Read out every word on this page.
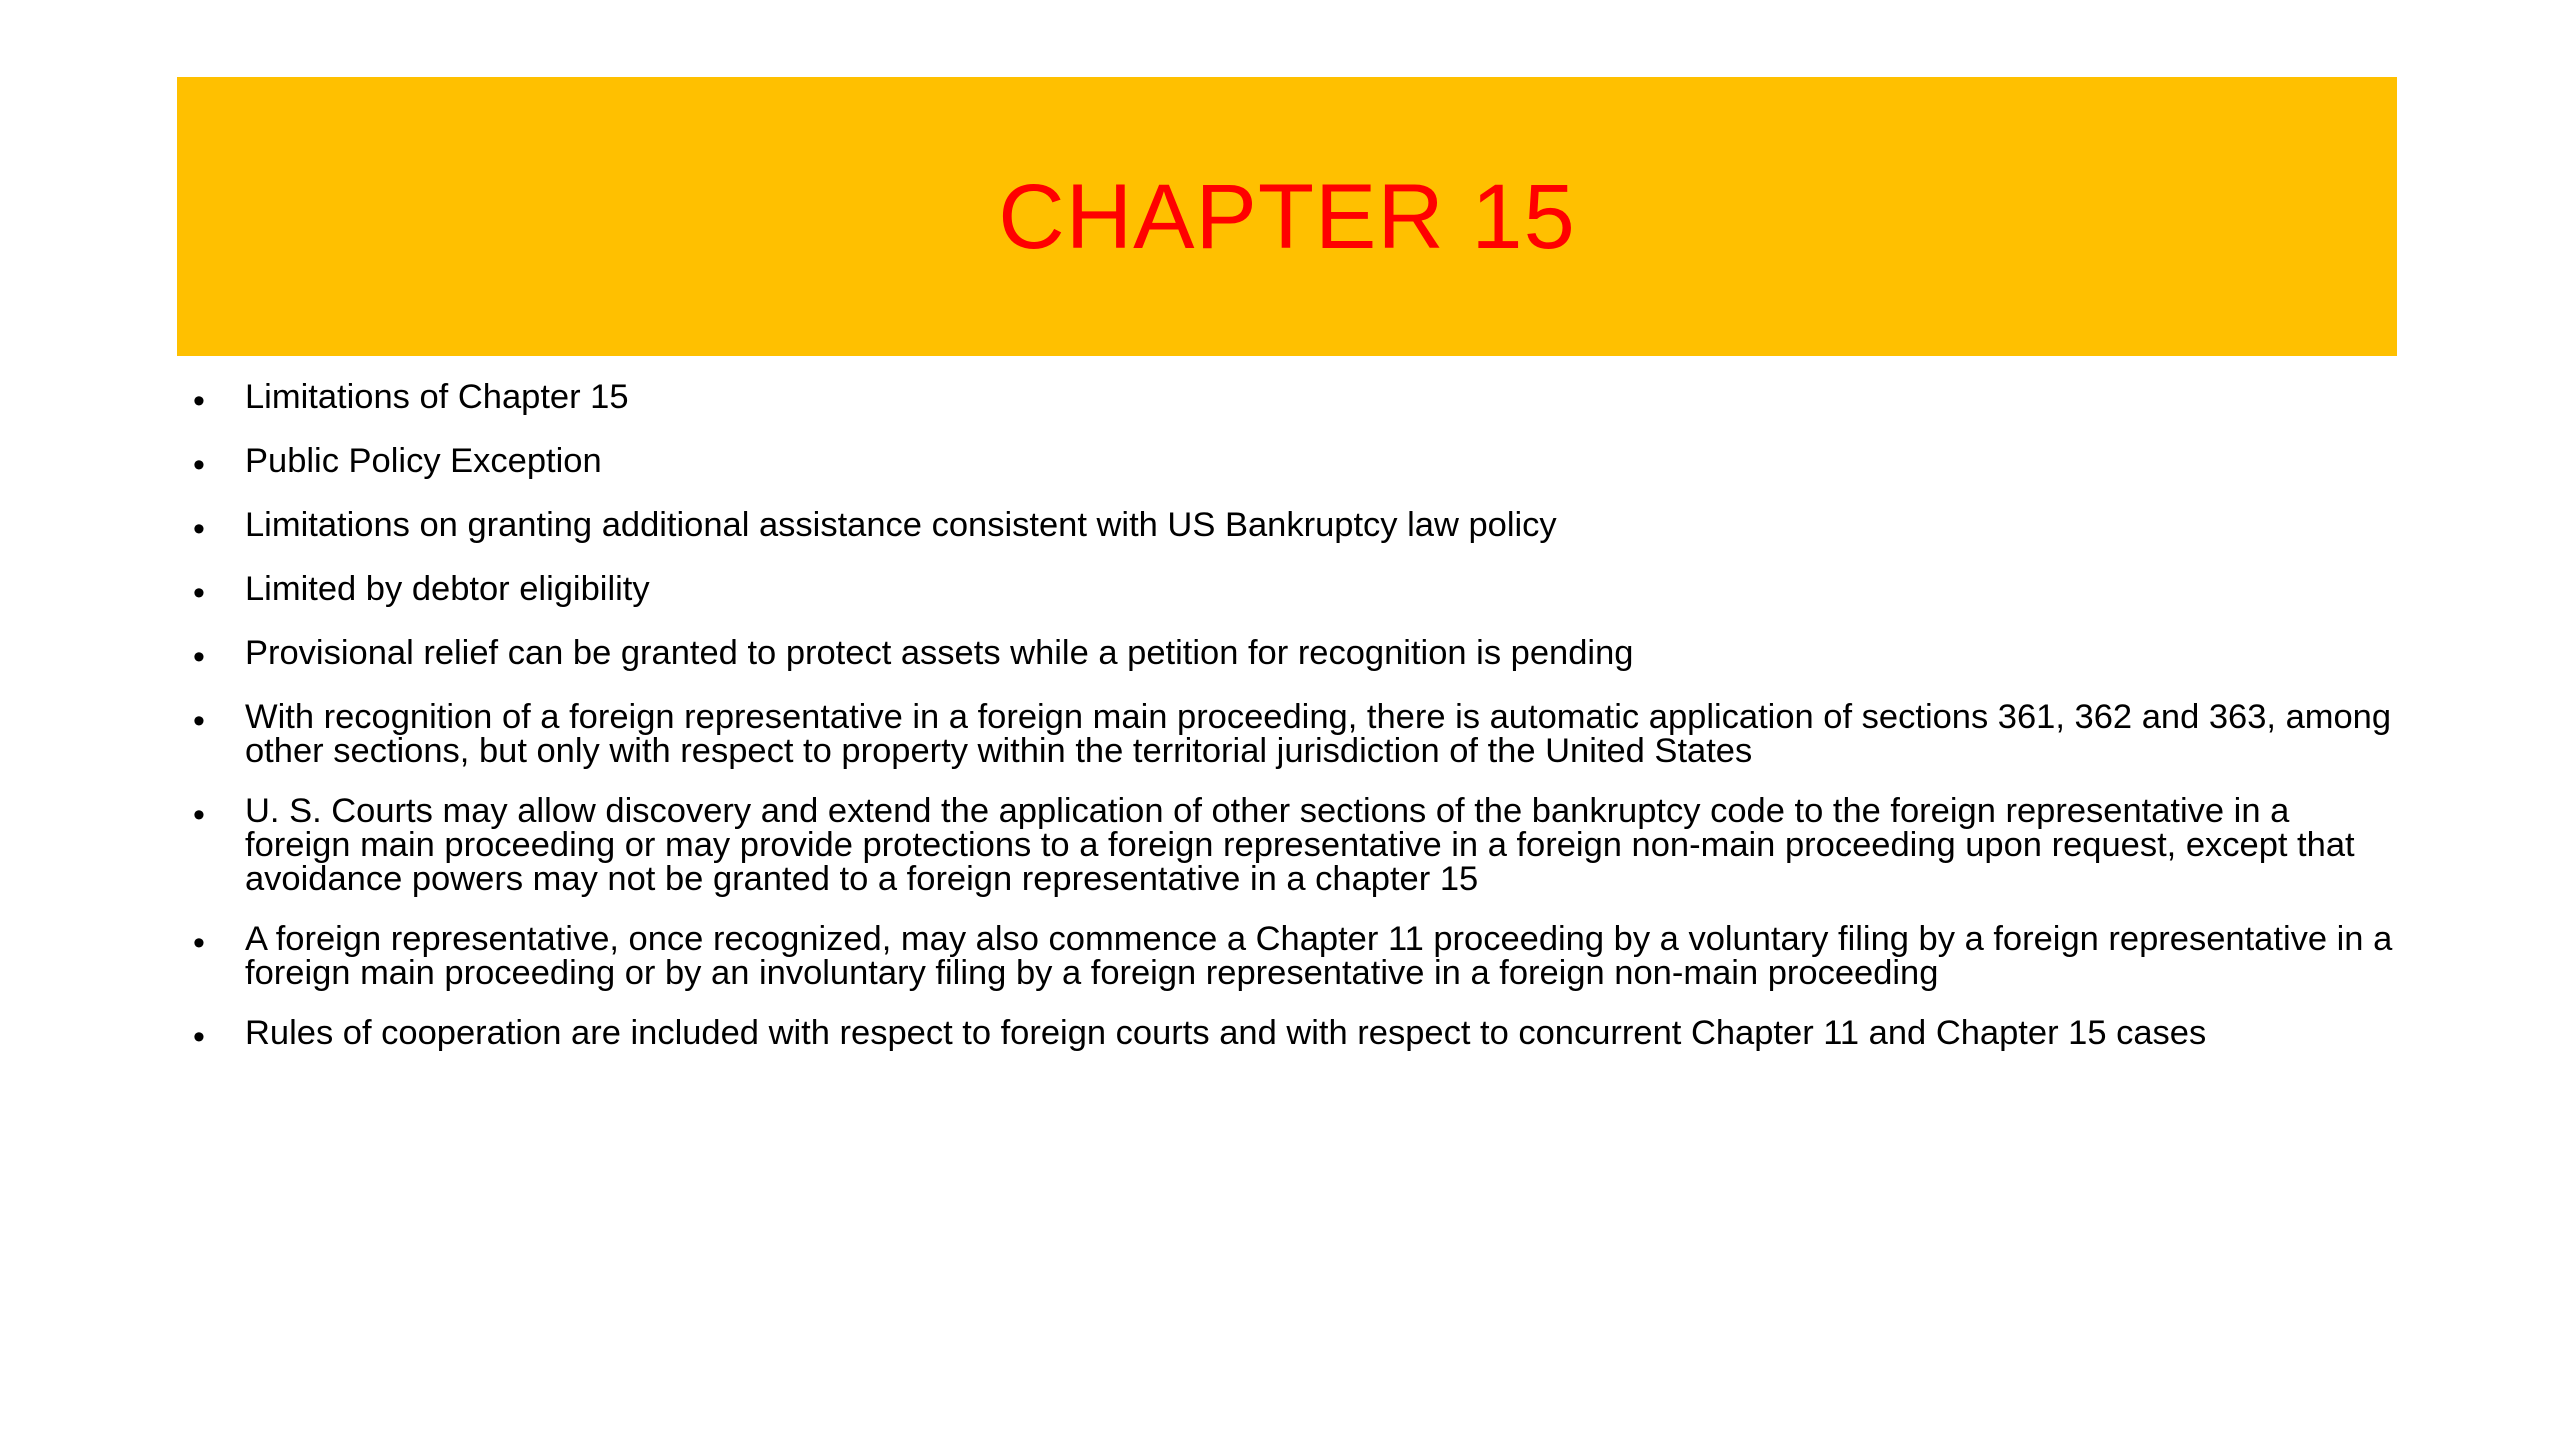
CHAPTER 15
•	Limitations of Chapter 15
•	Public Policy Exception
•	Limitations on granting additional assistance consistent with US Bankruptcy law policy
•	Limited by debtor eligibility
•	Provisional relief can be granted to protect assets while a petition for recognition is pending
•	With recognition of a foreign representative in a foreign main proceeding, there is automatic application of sections 361, 362 and 363, among other sections, but only with respect to property within the territorial jurisdiction of the United States
•	U. S. Courts may allow discovery and extend the application of other sections of the bankruptcy code to the foreign representative in a foreign main proceeding or may provide protections to a foreign representative in a foreign non-main proceeding upon request, except that avoidance powers may not be granted to a foreign representative in a chapter 15
•	A foreign representative, once recognized, may also commence a Chapter 11 proceeding by a voluntary filing by a foreign representative in a foreign main proceeding or by an involuntary filing by a foreign representative in a foreign non-main proceeding
•	Rules of cooperation are included with respect to foreign courts and with respect to concurrent Chapter 11 and Chapter 15 cases
